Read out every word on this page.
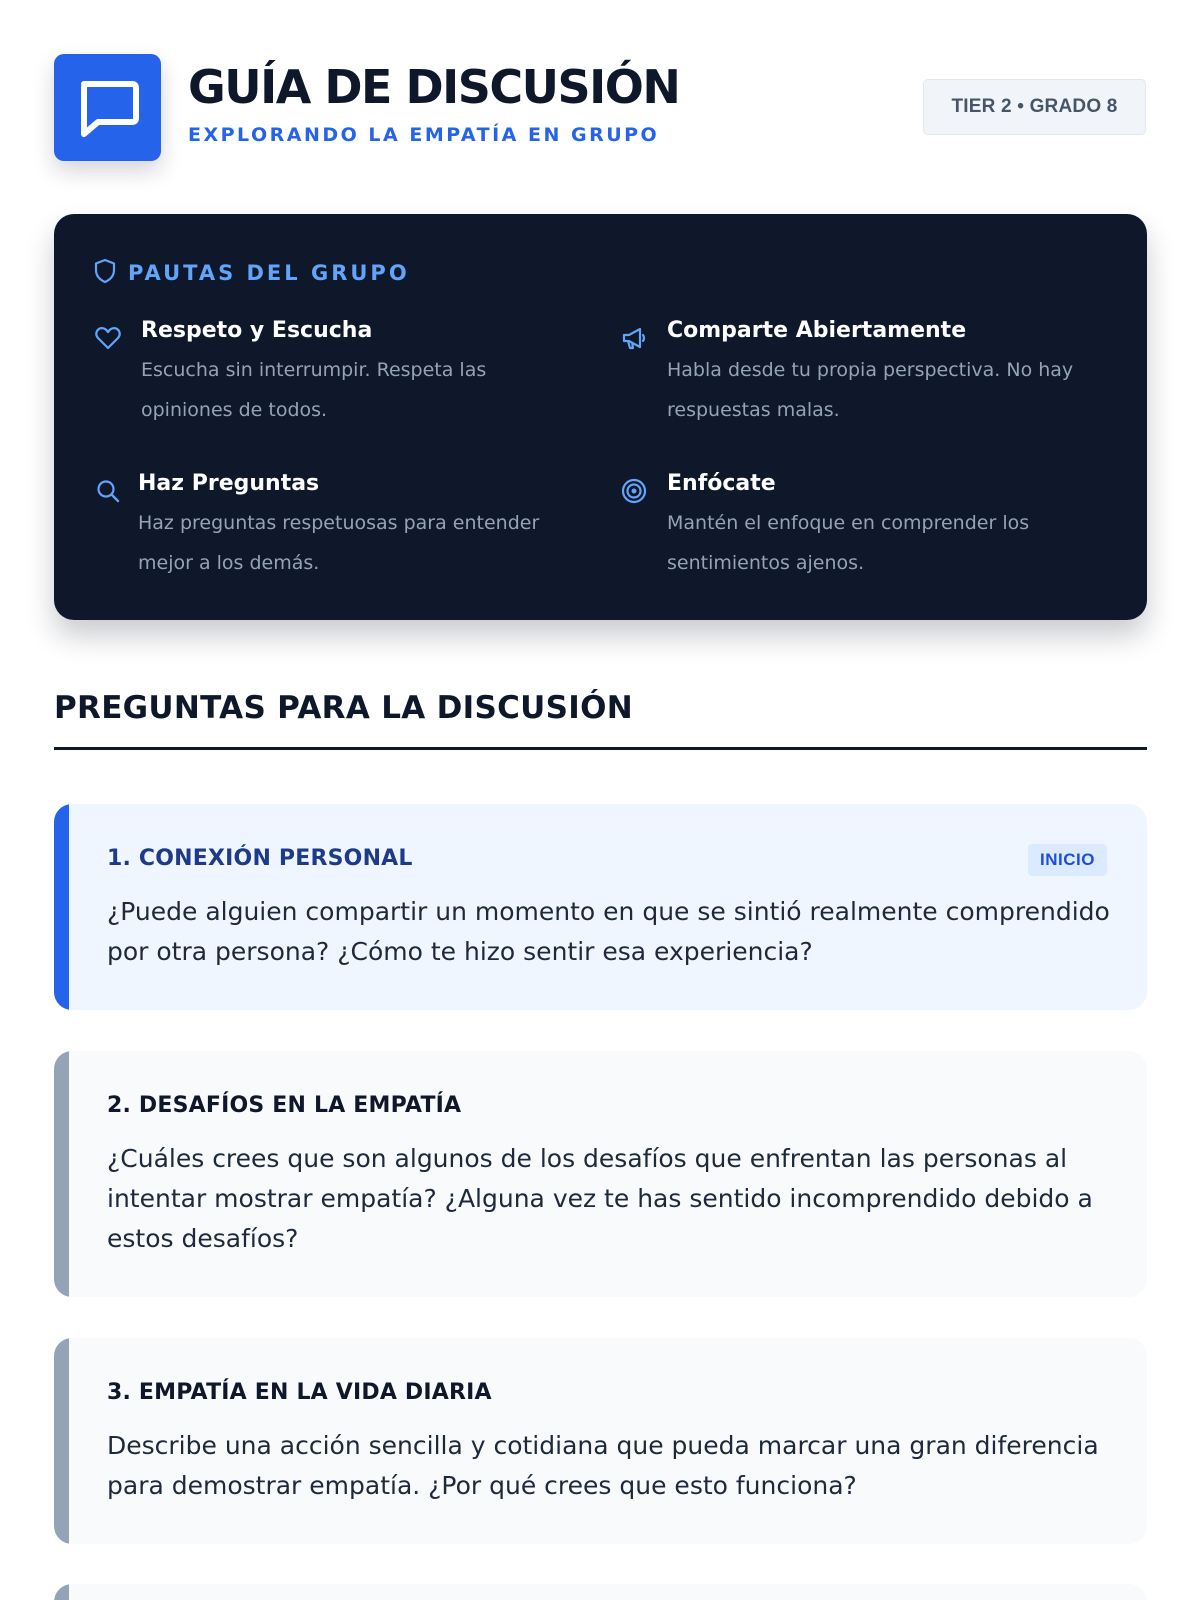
GUÍA DE DISCUSIÓN
EXPLORANDO LA EMPATÍA EN GRUPO
TIER 2 • GRADO 8
PAUTAS DEL GRUPO
Respeto y Escucha
Escucha sin interrumpir. Respeta las opiniones de todos.
Comparte Abiertamente
Habla desde tu propia perspectiva. No hay respuestas malas.
Haz Preguntas
Haz preguntas respetuosas para entender mejor a los demás.
Enfócate
Mantén el enfoque en comprender los sentimientos ajenos.
PREGUNTAS PARA LA DISCUSIÓN
1. CONEXIÓN PERSONAL	INICIO
¿Puede alguien compartir un momento en que se sintió realmente comprendido por otra persona? ¿Cómo te hizo sentir esa experiencia?
2. DESAFÍOS EN LA EMPATÍA
¿Cuáles crees que son algunos de los desafíos que enfrentan las personas al intentar mostrar empatía? ¿Alguna vez te has sentido incomprendido debido a estos desafíos?
3. EMPATÍA EN LA VIDA DIARIA
Describe una acción sencilla y cotidiana que pueda marcar una gran diferencia para demostrar empatía. ¿Por qué crees que esto funciona?
